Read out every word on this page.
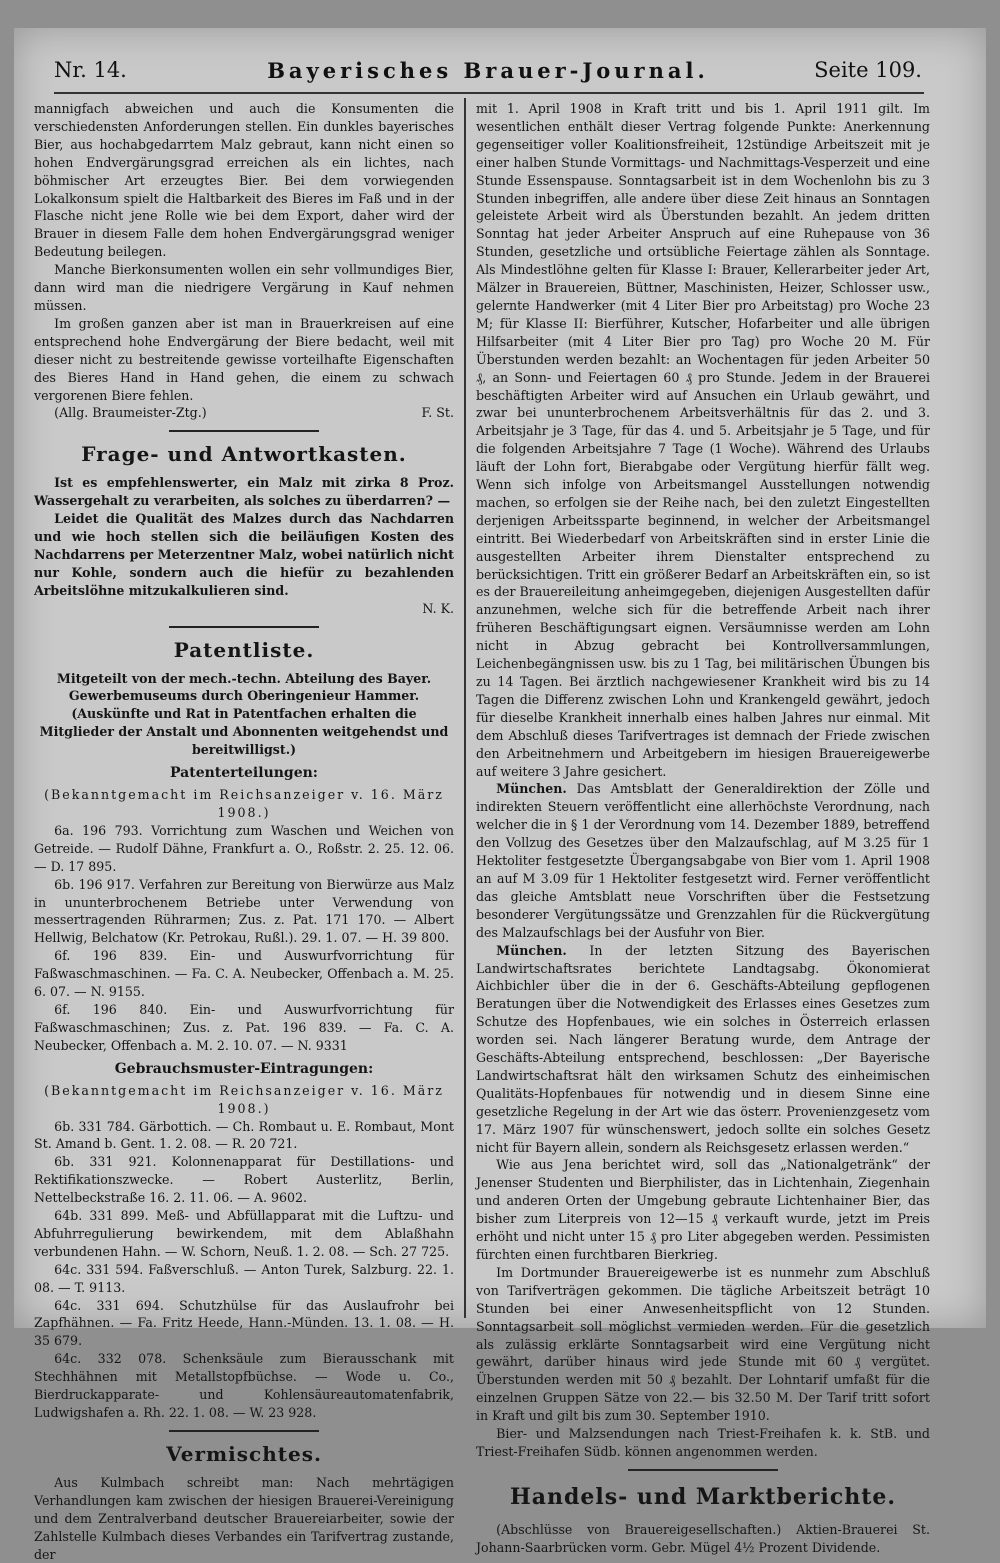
Bayerisches Brauer-Journal.
Nr. 14.	Seite 109.

mannigfach abweichen und auch die Konsumenten die verschiedensten Anforderungen stellen. Ein dunkles bayerisches Bier, aus hochabgedarrtem Malz gebraut, kann nicht einen so hohen Endvergärungsgrad erreichen als ein lichtes, nach böhmischer Art erzeugtes Bier. Bei dem vorwiegenden Lokalkonsum spielt die Haltbarkeit des Bieres im Faß und in der Flasche nicht jene Rolle wie bei dem Export, daher wird der Brauer in diesem Falle dem hohen Endvergärungsgrad weniger Bedeutung beilegen.

Manche Bierkonsumenten wollen ein sehr vollmundiges Bier, dann wird man die niedrigere Vergärung in Kauf nehmen müssen.

Im großen ganzen aber ist man in Brauerkreisen auf eine entsprechend hohe Endvergärung der Biere bedacht, weil mit dieser nicht zu bestreitende gewisse vorteilhafte Eigenschaften des Bieres Hand in Hand gehen, die einem zu schwach vergorenen Biere fehlen.

(Allg. Braumeister-Ztg.)	F. St.
Frage- und Antwortkasten.

Ist es empfehlenswerter, ein Malz mit zirka 8 Proz. Wassergehalt zu verarbeiten, als solches zu überdarren? —

Leidet die Qualität des Malzes durch das Nachdarren und wie hoch stellen sich die beiläufigen Kosten des Nachdarrens per Meterzentner Malz, wobei natürlich nicht nur Kohle, sondern auch die hiefür zu bezahlenden Arbeitslöhne mitzukalkulieren sind.

N. K.
Patentliste.

Mitgeteilt von der mech.-techn. Abteilung des Bayer. Gewerbemuseums durch Oberingenieur Hammer.

(Auskünfte und Rat in Patentfachen erhalten die Mitglieder der Anstalt und Abonnenten weitgehendst und bereitwilligst.)

Patenterteilungen:

(Bekanntgemacht im Reichsanzeiger v. 16. März 1908.)

6a. 196 793. Vorrichtung zum Waschen und Weichen von Getreide. — Rudolf Dähne, Frankfurt a. O., Roßstr. 2. 25. 12. 06. — D. 17 895.

6b. 196 917. Verfahren zur Bereitung von Bierwürze aus Malz in ununterbrochenem Betriebe unter Verwendung von messertragenden Rührarmen; Zus. z. Pat. 171 170. — Albert Hellwig, Belchatow (Kr. Petrokau, Rußl.). 29. 1. 07. — H. 39 800.

6f. 196 839. Ein- und Auswurfvorrichtung für Faßwaschmaschinen. — Fa. C. A. Neubecker, Offenbach a. M. 25. 6. 07. — N. 9155.

6f. 196 840. Ein- und Auswurfvorrichtung für Faßwaschmaschinen; Zus. z. Pat. 196 839. — Fa. C. A. Neubecker, Offenbach a. M. 2. 10. 07. — N. 9331

Gebrauchsmuster-Eintragungen:

(Bekanntgemacht im Reichsanzeiger v. 16. März 1908.)

6b. 331 784. Gärbottich. — Ch. Rombaut u. E. Rombaut, Mont St. Amand b. Gent. 1. 2. 08. — R. 20 721.

6b. 331 921. Kolonnenapparat für Destillations- und Rektifikationszwecke. — Robert Austerlitz, Berlin, Nettelbeckstraße 16. 2. 11. 06. — A. 9602.

64b. 331 899. Meß- und Abfüllapparat mit die Luftzu- und Abfuhrregulierung bewirkendem, mit dem Ablaßhahn verbundenen Hahn. — W. Schorn, Neuß. 1. 2. 08. — Sch. 27 725.

64c. 331 594. Faßverschluß. — Anton Turek, Salzburg. 22. 1. 08. — T. 9113.

64c. 331 694. Schutzhülse für das Auslaufrohr bei Zapfhähnen. — Fa. Fritz Heede, Hann.-Münden. 13. 1. 08. — H. 35 679.

64c. 332 078. Schenksäule zum Bierausschank mit Stechhähnen mit Metallstopfbüchse. — Wode u. Co., Bierdruckapparate- und Kohlensäureautomatenfabrik, Ludwigshafen a. Rh. 22. 1. 08. — W. 23 928.

Vermischtes.

Aus Kulmbach schreibt man: Nach mehrtägigen Verhandlungen kam zwischen der hiesigen Brauerei-Vereinigung und dem Zentralverband deutscher Brauereiarbeiter, sowie der Zahlstelle Kulmbach dieses Verbandes ein Tarifvertrag zustande, der

mit 1. April 1908 in Kraft tritt und bis 1. April 1911 gilt. Im wesentlichen enthält dieser Vertrag folgende Punkte: Anerkennung gegenseitiger voller Koalitionsfreiheit, 12stündige Arbeitszeit mit je einer halben Stunde Vormittags- und Nachmittags-Vesperzeit und eine Stunde Essenspause. Sonntagsarbeit ist in dem Wochenlohn bis zu 3 Stunden inbegriffen, alle andere über diese Zeit hinaus an Sonntagen geleistete Arbeit wird als Überstunden bezahlt. An jedem dritten Sonntag hat jeder Arbeiter Anspruch auf eine Ruhepause von 36 Stunden, gesetzliche und ortsübliche Feiertage zählen als Sonntage. Als Mindestlöhne gelten für Klasse I: Brauer, Kellerarbeiter jeder Art, Mälzer in Brauereien, Büttner, Maschinisten, Heizer, Schlosser usw., gelernte Handwerker (mit 4 Liter Bier pro Arbeitstag) pro Woche 23 M; für Klasse II: Bierführer, Kutscher, Hofarbeiter und alle übrigen Hilfsarbeiter (mit 4 Liter Bier pro Tag) pro Woche 20 M. Für Überstunden werden bezahlt: an Wochentagen für jeden Arbeiter 50 ₰, an Sonn- und Feiertagen 60 ₰ pro Stunde. Jedem in der Brauerei beschäftigten Arbeiter wird auf Ansuchen ein Urlaub gewährt, und zwar bei ununterbrochenem Arbeitsverhältnis für das 2. und 3. Arbeitsjahr je 3 Tage, für das 4. und 5. Arbeitsjahr je 5 Tage, und für die folgenden Arbeitsjahre 7 Tage (1 Woche). Während des Urlaubs läuft der Lohn fort, Bierabgabe oder Vergütung hierfür fällt weg. Wenn sich infolge von Arbeitsmangel Ausstellungen notwendig machen, so erfolgen sie der Reihe nach, bei den zuletzt Eingestellten derjenigen Arbeitssparte beginnend, in welcher der Arbeitsmangel eintritt. Bei Wiederbedarf von Arbeitskräften sind in erster Linie die ausgestellten Arbeiter ihrem Dienstalter entsprechend zu berücksichtigen. Tritt ein größerer Bedarf an Arbeitskräften ein, so ist es der Brauereileitung anheimgegeben, diejenigen Ausgestellten dafür anzunehmen, welche sich für die betreffende Arbeit nach ihrer früheren Beschäftigungsart eignen. Versäumnisse werden am Lohn nicht in Abzug gebracht bei Kontrollversammlungen, Leichenbegängnissen usw. bis zu 1 Tag, bei militärischen Übungen bis zu 14 Tagen. Bei ärztlich nachgewiesener Krankheit wird bis zu 14 Tagen die Differenz zwischen Lohn und Krankengeld gewährt, jedoch für dieselbe Krankheit innerhalb eines halben Jahres nur einmal. Mit dem Abschluß dieses Tarifvertrages ist demnach der Friede zwischen den Arbeitnehmern und Arbeitgebern im hiesigen Brauereigewerbe auf weitere 3 Jahre gesichert.

München. Das Amtsblatt der Generaldirektion der Zölle und indirekten Steuern veröffentlicht eine allerhöchste Verordnung, nach welcher die in § 1 der Verordnung vom 14. Dezember 1889, betreffend den Vollzug des Gesetzes über den Malzaufschlag, auf M 3.25 für 1 Hektoliter festgesetzte Übergangsabgabe von Bier vom 1. April 1908 an auf M 3.09 für 1 Hektoliter festgesetzt wird. Ferner veröffentlicht das gleiche Amtsblatt neue Vorschriften über die Festsetzung besonderer Vergütungssätze und Grenzzahlen für die Rückvergütung des Malzaufschlags bei der Ausfuhr von Bier.

München. In der letzten Sitzung des Bayerischen Landwirtschaftsrates berichtete Landtagsabg. Ökonomierat Aichbichler über die in der 6. Geschäfts-Abteilung gepflogenen Beratungen über die Notwendigkeit des Erlasses eines Gesetzes zum Schutze des Hopfenbaues, wie ein solches in Österreich erlassen worden sei. Nach längerer Beratung wurde, dem Antrage der Geschäfts-Abteilung entsprechend, beschlossen: „Der Bayerische Landwirtschaftsrat hält den wirksamen Schutz des einheimischen Qualitäts-Hopfenbaues für notwendig und in diesem Sinne eine gesetzliche Regelung in der Art wie das österr. Provenienzgesetz vom 17. März 1907 für wünschenswert, jedoch sollte ein solches Gesetz nicht für Bayern allein, sondern als Reichsgesetz erlassen werden.“

Wie aus Jena berichtet wird, soll das „Nationalgetränk“ der Jenenser Studenten und Bierphilister, das in Lichtenhain, Ziegenhain und anderen Orten der Umgebung gebraute Lichtenhainer Bier, das bisher zum Literpreis von 12—15 ₰ verkauft wurde, jetzt im Preis erhöht und nicht unter 15 ₰ pro Liter abgegeben werden. Pessimisten fürchten einen furchtbaren Bierkrieg.

Im Dortmunder Brauereigewerbe ist es nunmehr zum Abschluß von Tarifverträgen gekommen. Die tägliche Arbeitszeit beträgt 10 Stunden bei einer Anwesenheitspflicht von 12 Stunden. Sonntagsarbeit soll möglichst vermieden werden. Für die gesetzlich als zulässig erklärte Sonntagsarbeit wird eine Vergütung nicht gewährt, darüber hinaus wird jede Stunde mit 60 ₰ vergütet. Überstunden werden mit 50 ₰ bezahlt. Der Lohntarif umfaßt für die einzelnen Gruppen Sätze von 22.— bis 32.50 M. Der Tarif tritt sofort in Kraft und gilt bis zum 30. September 1910.

Bier- und Malzsendungen nach Triest-Freihafen k. k. StB. und Triest-Freihafen Südb. können angenommen werden.

Handels- und Marktberichte.

(Abschlüsse von Brauereigesellschaften.) Aktien-Brauerei St. Johann-Saarbrücken vorm. Gebr. Mügel 4½ Prozent Dividende.
